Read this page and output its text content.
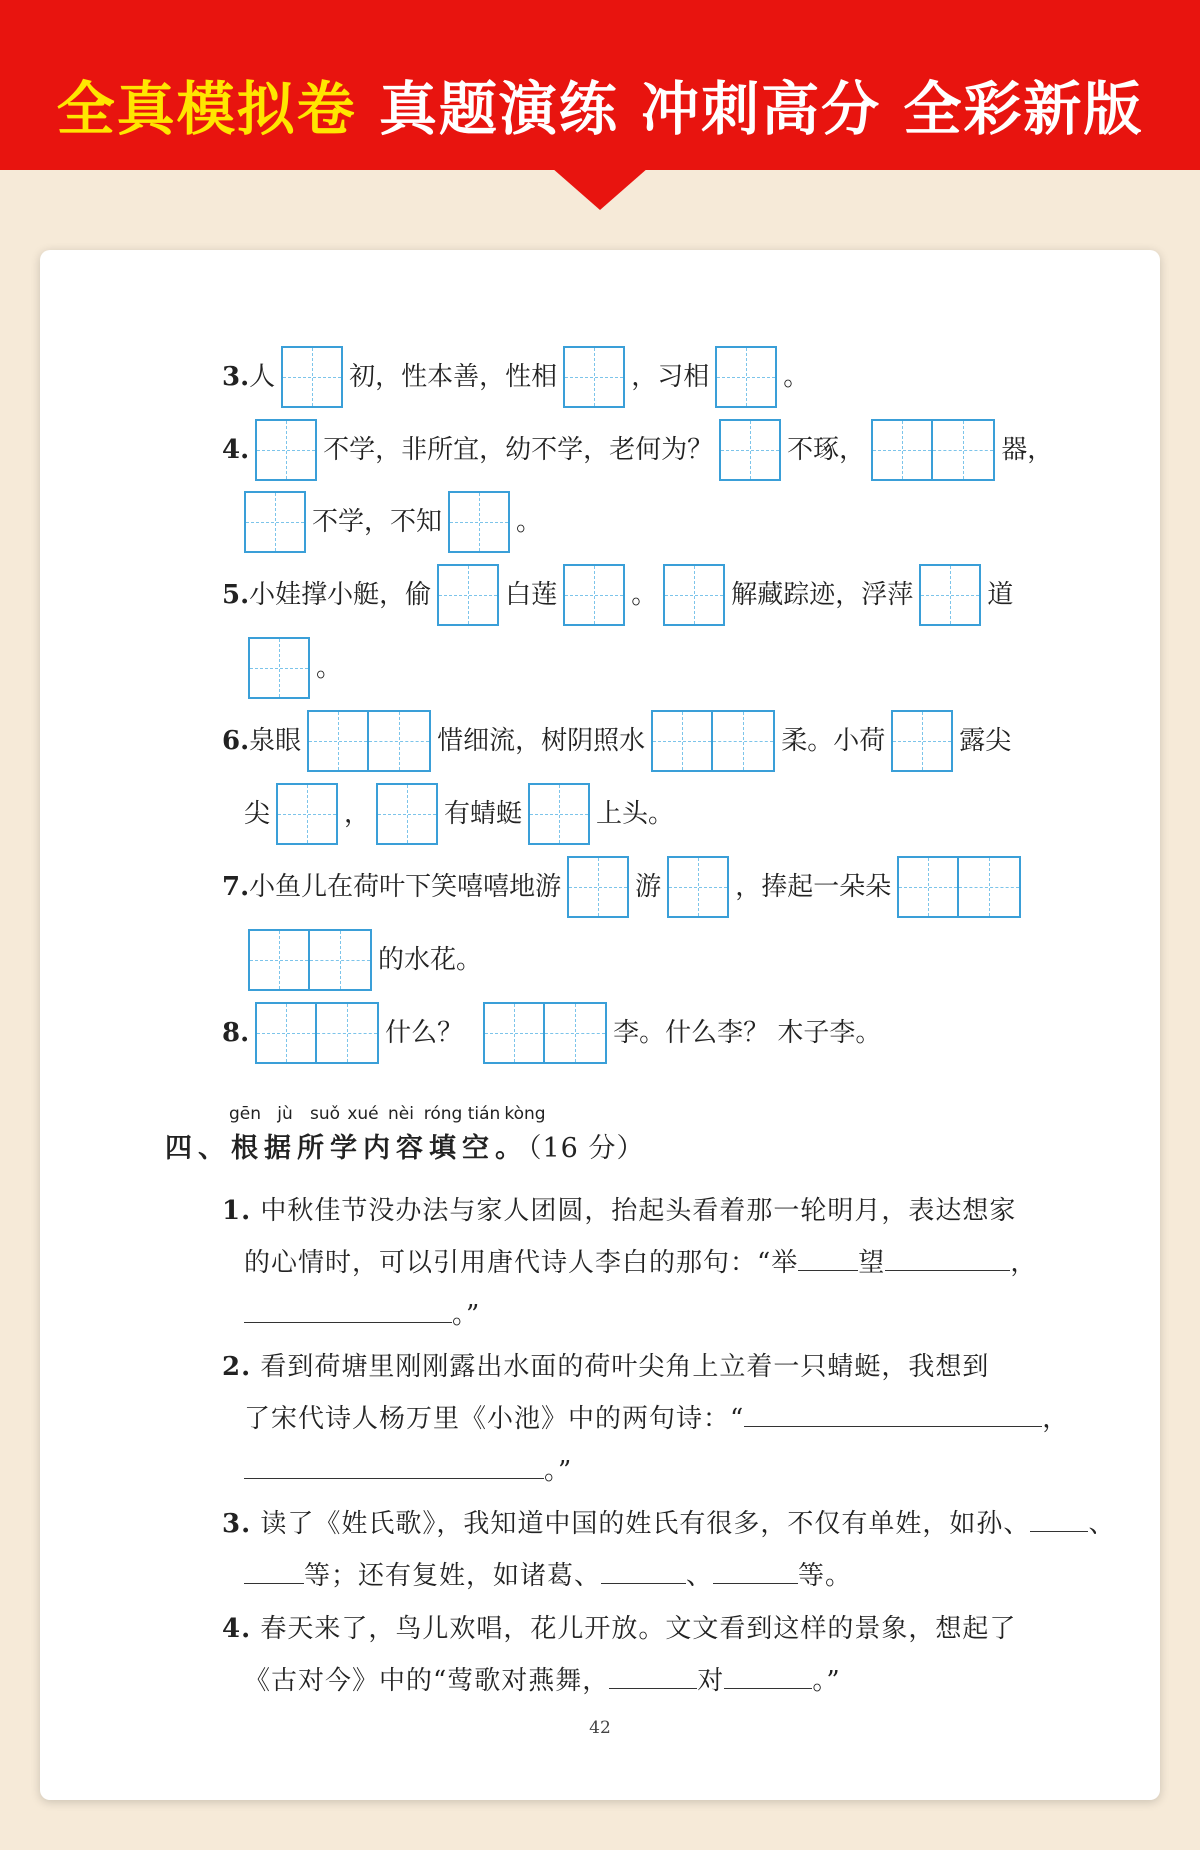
全真模拟卷 真题演练 冲刺高分 全彩新版
3. 人	初，性本善，性相	，习相	。
4.	不学，非所宜，幼不学，老何为？	不琢，	器，
不学，不知	。
5. 小娃撑小艇，偷	白莲	。	解藏踪迹，浮萍	道
。
6. 泉眼	惜细流，树阴照水	柔。小荷	露尖
尖	，	有蜻蜓	上头。
7. 小鱼儿在荷叶下笑嘻嘻地游	游	，捧起一朵朵
的水花。
8.	什么？	李。什么李？ 木子李。
gēn jù	suǒ xué nèi róng tián kòng
四、根据所学内容填空。（16 分）
1. 中秋佳节没办法与家人团圆，抬起头看着那一轮明月，表达想家
的心情时，可以引用唐代诗人李白的那句：“举 望	，
。”
2. 看到荷塘里刚刚露出水面的荷叶尖角上立着一只蜻蜓，我想到
了宋代诗人杨万里《小池》中的两句诗：“	，
。”
3. 读了《姓氏歌》，我知道中国的姓氏有很多，不仅有单姓，如孙、 、
等；还有复姓，如诸葛、	、	等。
4. 春天来了，鸟儿欢唱，花儿开放。文文看到这样的景象，想起了
《古对今》中的“莺歌对燕舞，	对	。”
42
